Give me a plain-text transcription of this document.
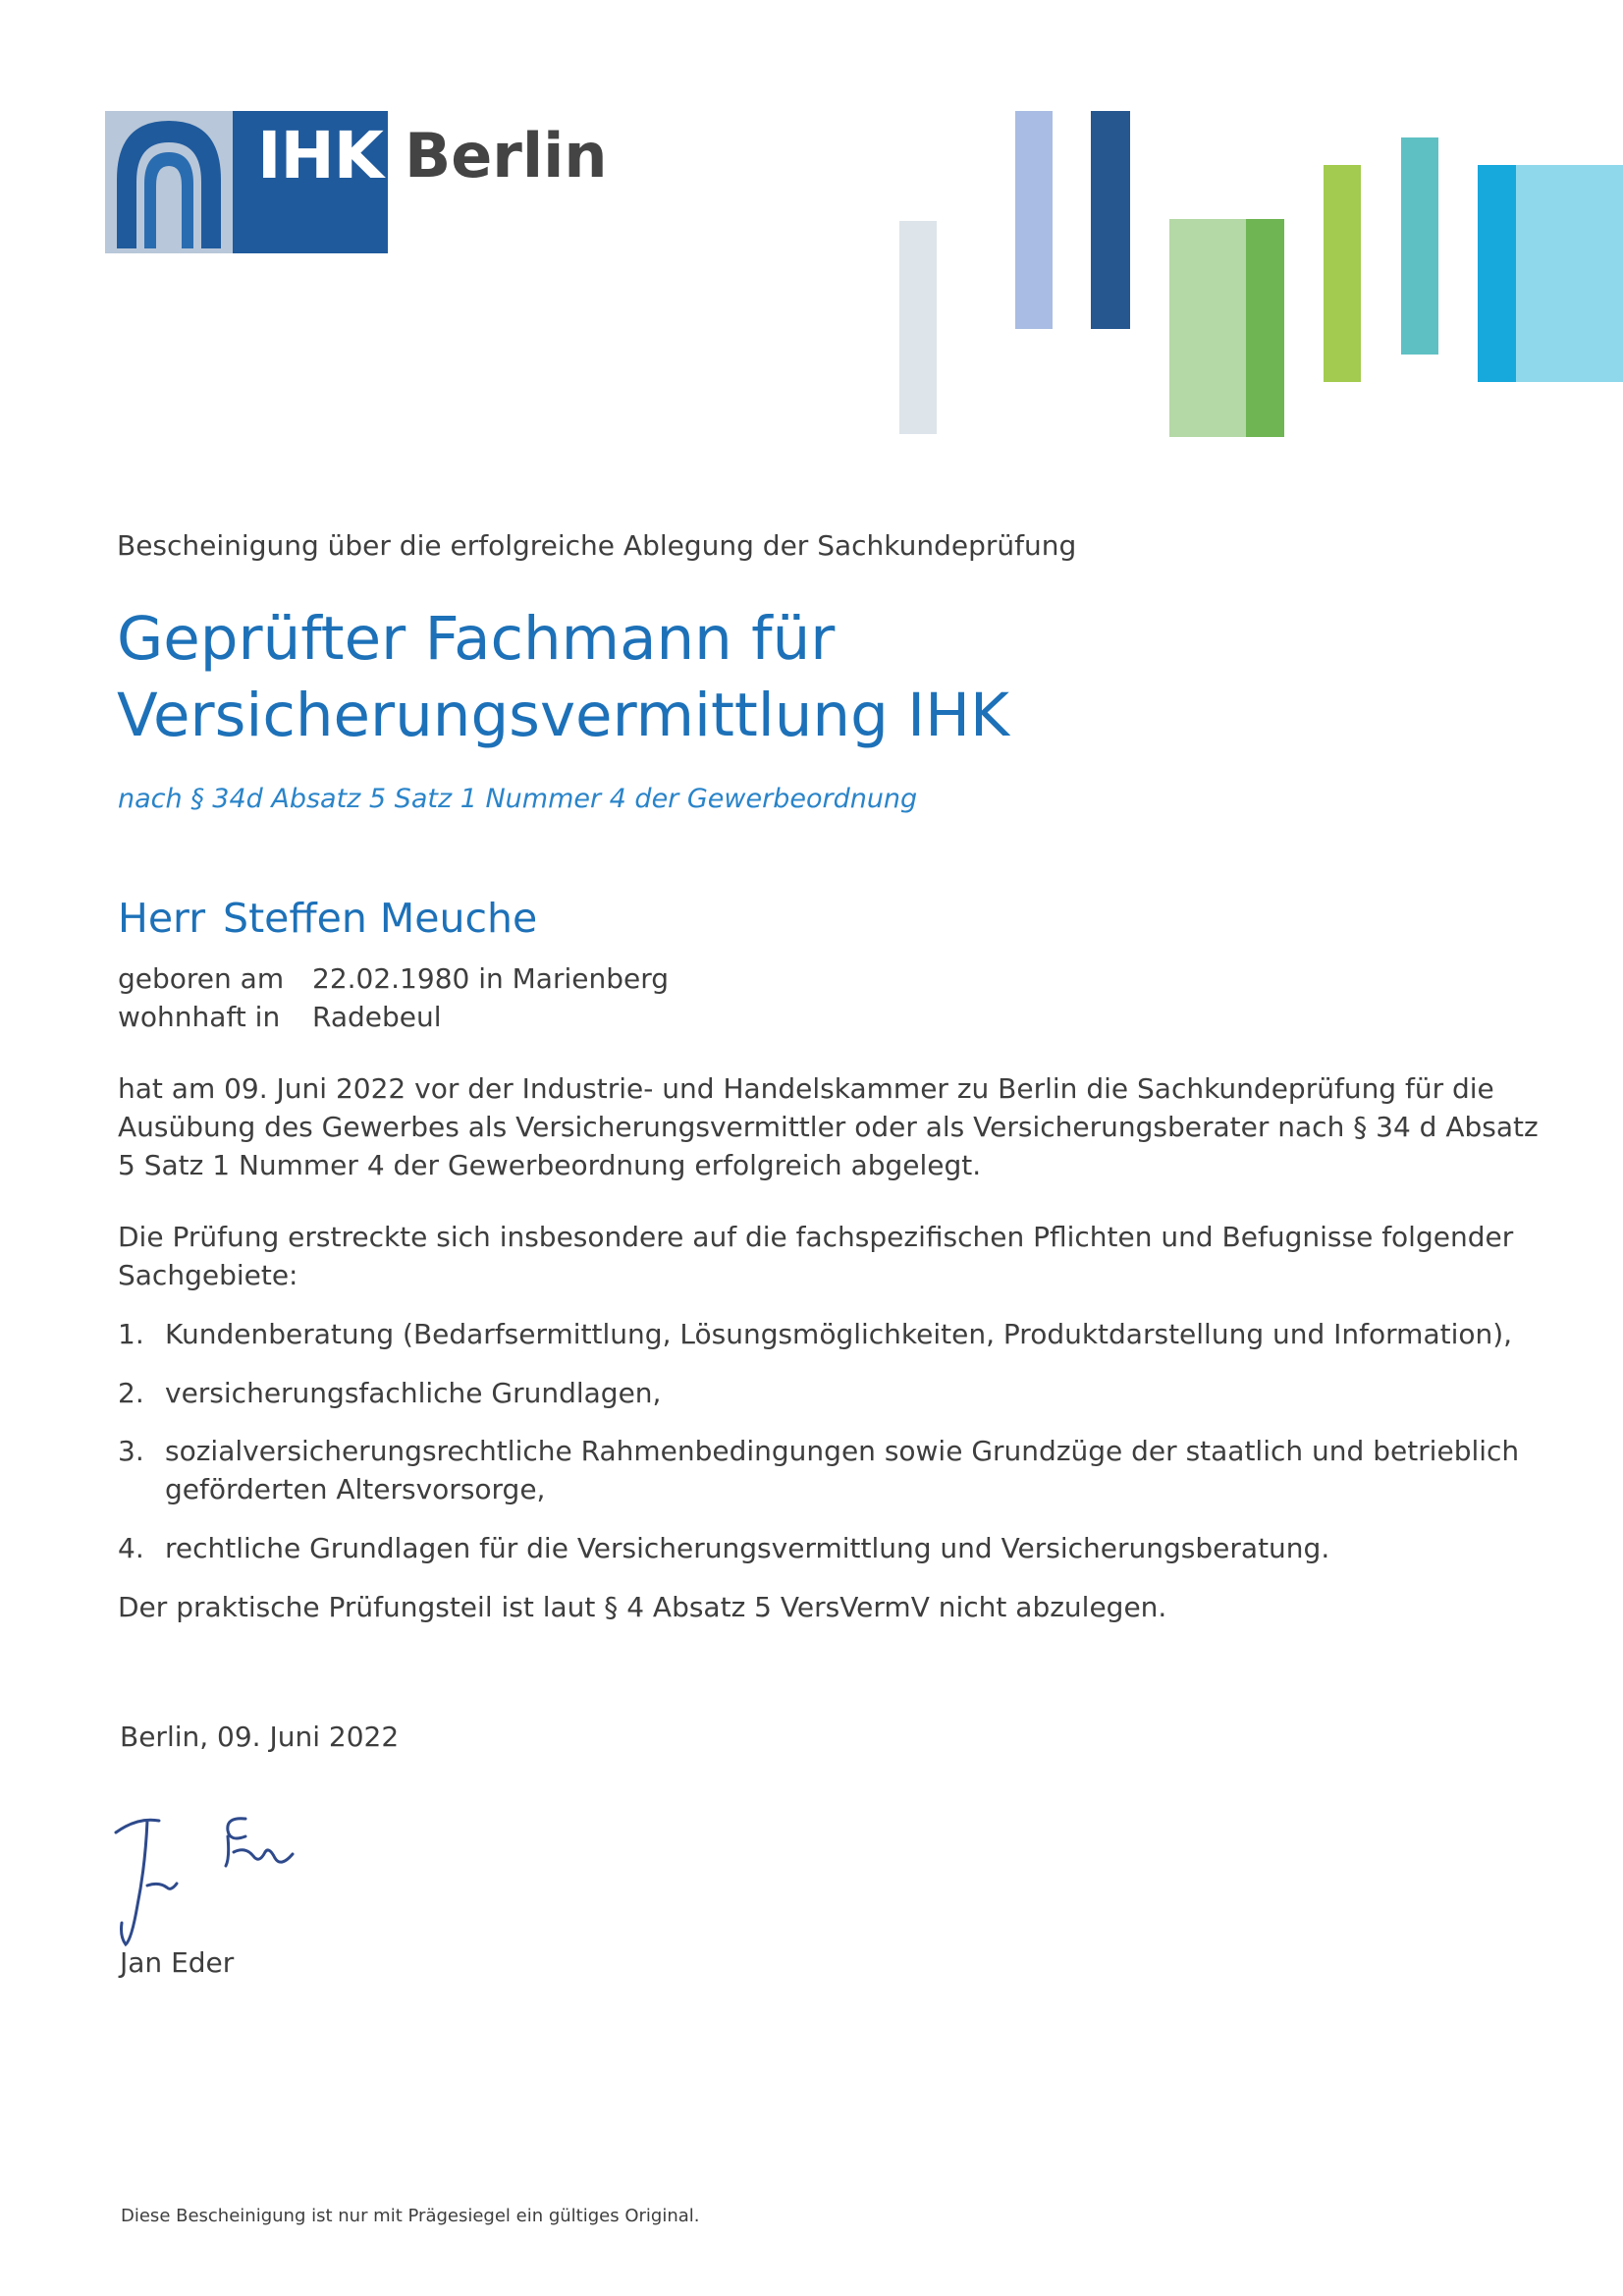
IHK Berlin
Bescheinigung über die erfolgreiche Ablegung der Sachkundeprüfung
Geprüfter Fachmann für
Versicherungsvermittlung IHK
nach § 34d Absatz 5 Satz 1 Nummer 4 der Gewerbeordnung
Herr Steffen Meuche
geboren am 22.02.1980 in Marienberg
wohnhaft in Radebeul

hat am 09. Juni 2022 vor der Industrie- und Handelskammer zu Berlin die Sachkundeprüfung für die Ausübung des Gewerbes als Versicherungsvermittler oder als Versicherungsberater nach § 34 d Absatz 5 Satz 1 Nummer 4 der Gewerbeordnung erfolgreich abgelegt.

Die Prüfung erstreckte sich insbesondere auf die fachspezifischen Pflichten und Befugnisse folgender Sachgebiete:

1. Kundenberatung (Bedarfsermittlung, Lösungsmöglichkeiten, Produktdarstellung und Information),

2. versicherungsfachliche Grundlagen,

3. sozialversicherungsrechtliche Rahmenbedingungen sowie Grundzüge der staatlich und betrieblich geförderten Altersvorsorge,

4. rechtliche Grundlagen für die Versicherungsvermittlung und Versicherungsberatung.

Der praktische Prüfungsteil ist laut § 4 Absatz 5 VersVermV nicht abzulegen.

Berlin, 09. Juni 2022
Jan Eder
Diese Bescheinigung ist nur mit Prägesiegel ein gültiges Original.
